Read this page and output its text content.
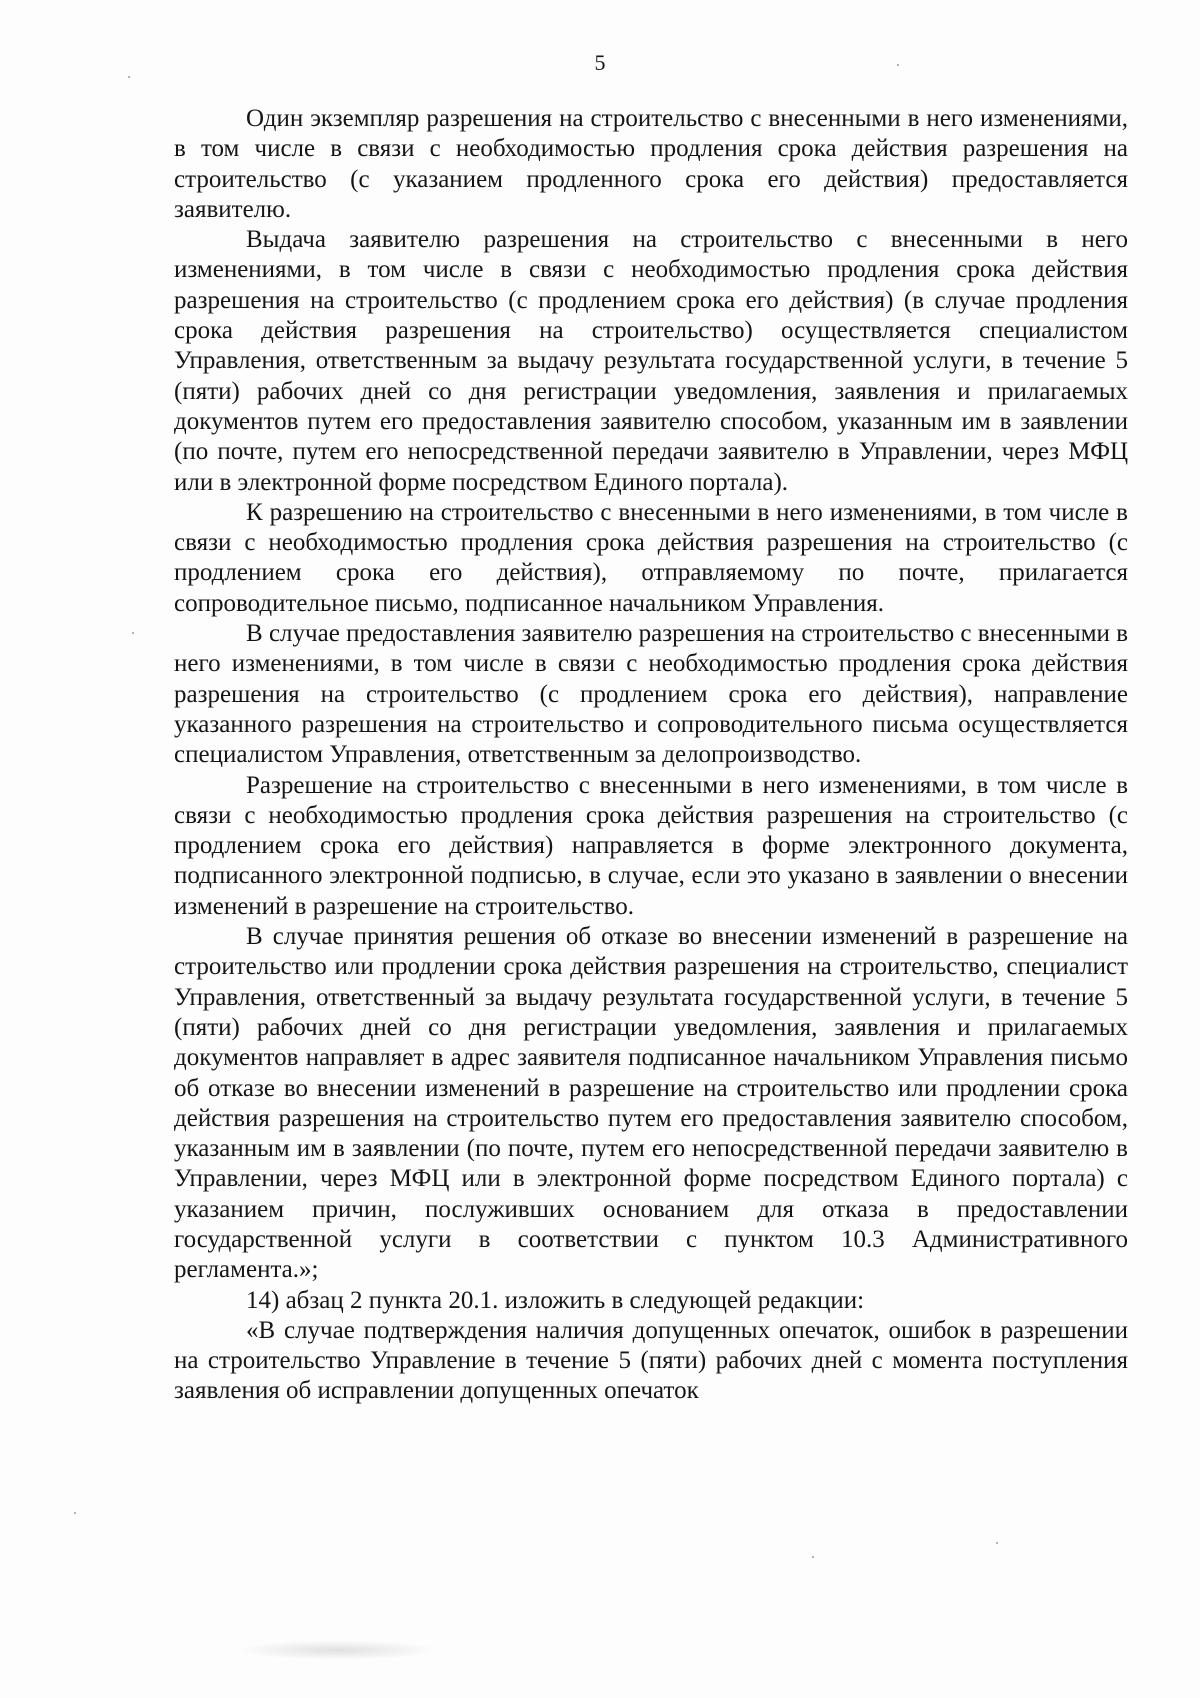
5

Один экземпляр разрешения на строительство с внесенными в него изменениями, в том числе в связи с необходимостью продления срока действия разрешения на строительство (с указанием продленного срока его действия) предоставляется заявителю.

Выдача заявителю разрешения на строительство с внесенными в него изменениями, в том числе в связи с необходимостью продления срока действия разрешения на строительство (с продлением срока его действия) (в случае продления срока действия разрешения на строительство) осуществляется специалистом Управления, ответственным за выдачу результата государственной услуги, в течение 5 (пяти) рабочих дней со дня регистрации уведомления, заявления и прилагаемых документов путем его предоставления заявителю способом, указанным им в заявлении (по почте, путем его непосредственной передачи заявителю в Управлении, через МФЦ или в электронной форме посредством Единого портала).

К разрешению на строительство с внесенными в него изменениями, в том числе в связи с необходимостью продления срока действия разрешения на строительство (с продлением срока его действия), отправляемому по почте, прилагается сопроводительное письмо, подписанное начальником Управления.

В случае предоставления заявителю разрешения на строительство с внесенными в него изменениями, в том числе в связи с необходимостью продления срока действия разрешения на строительство (с продлением срока его действия), направление указанного разрешения на строительство и сопроводительного письма осуществляется специалистом Управления, ответственным за делопроизводство.

Разрешение на строительство с внесенными в него изменениями, в том числе в связи с необходимостью продления срока действия разрешения на строительство (с продлением срока его действия) направляется в форме электронного документа, подписанного электронной подписью, в случае, если это указано в заявлении о внесении изменений в разрешение на строительство.

В случае принятия решения об отказе во внесении изменений в разрешение на строительство или продлении срока действия разрешения на строительство, специалист Управления, ответственный за выдачу результата государственной услуги, в течение 5 (пяти) рабочих дней со дня регистрации уведомления, заявления и прилагаемых документов направляет в адрес заявителя подписанное начальником Управления письмо об отказе во внесении изменений в разрешение на строительство или продлении срока действия разрешения на строительство путем его предоставления заявителю способом, указанным им в заявлении (по почте, путем его непосредственной передачи заявителю в Управлении, через МФЦ или в электронной форме посредством Единого портала) с указанием причин, послуживших основанием для отказа в предоставлении государственной услуги в соответствии с пунктом 10.3 Административного регламента.»;

14) абзац 2 пункта 20.1. изложить в следующей редакции:

«В случае подтверждения наличия допущенных опечаток, ошибок в разрешении на строительство Управление в течение 5 (пяти) рабочих дней с момента поступления заявления об исправлении допущенных опечаток
